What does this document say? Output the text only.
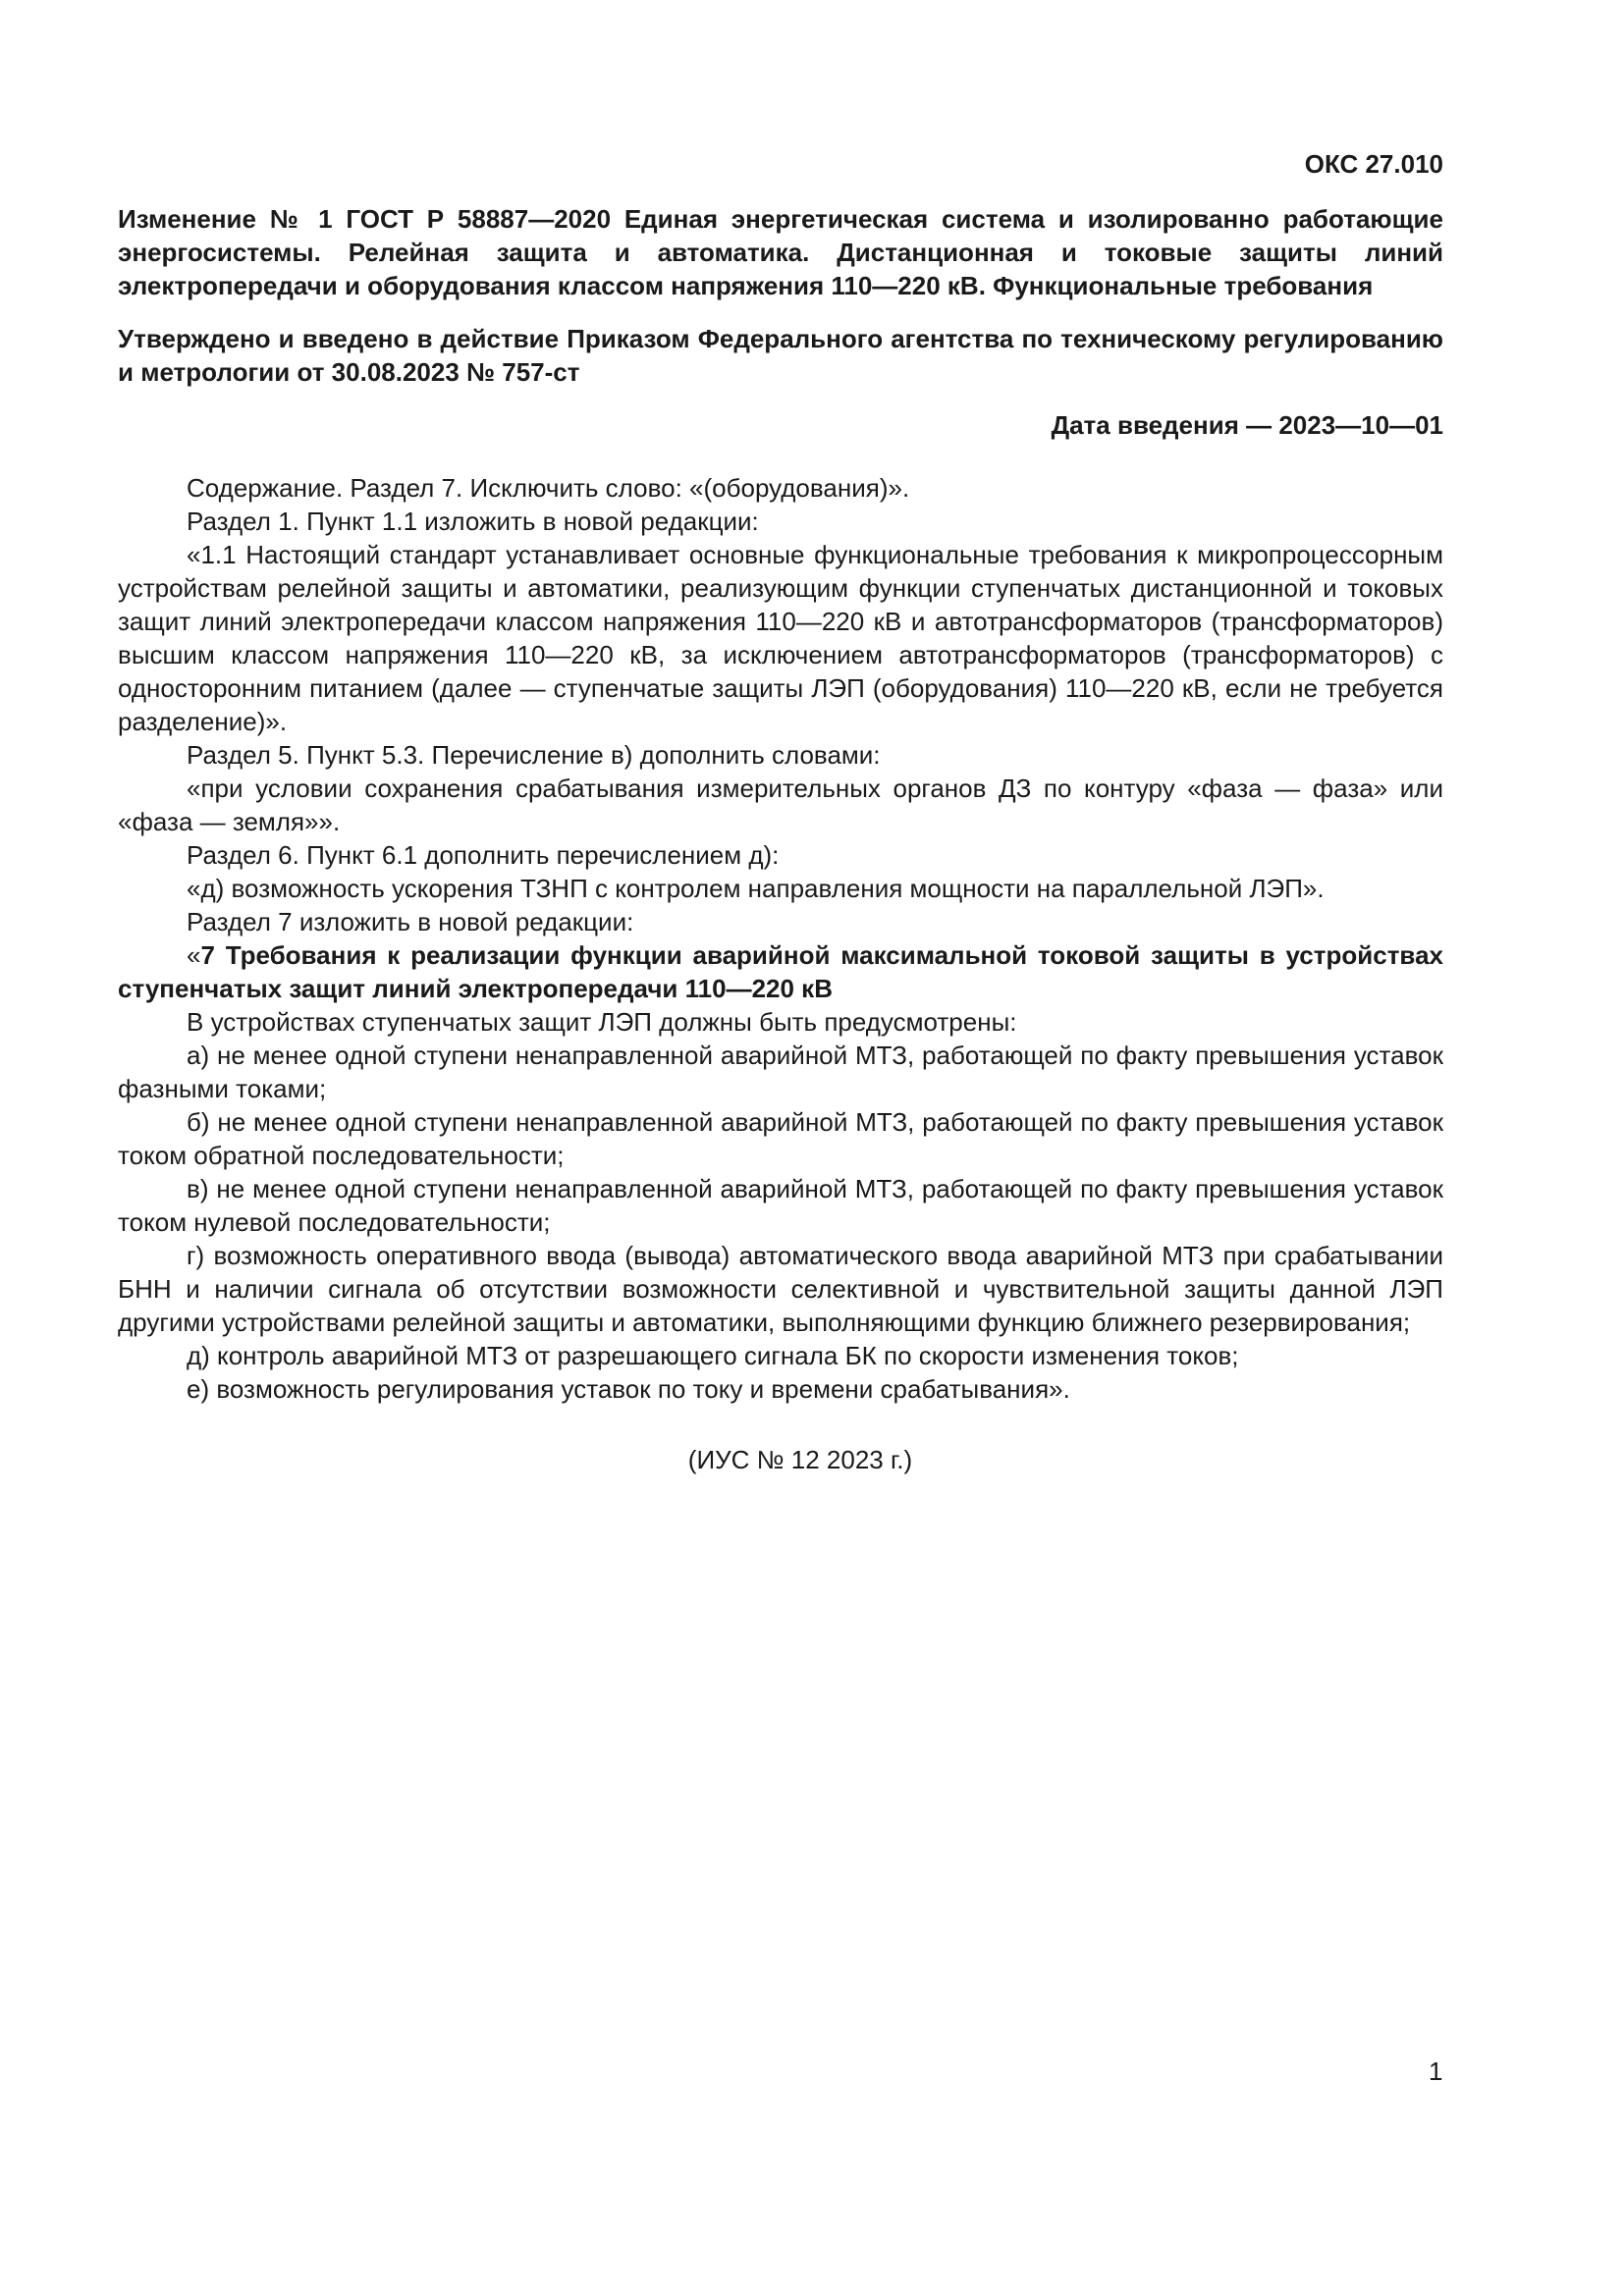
ОКС 27.010
Изменение № 1 ГОСТ Р 58887—2020 Единая энергетическая система и изолированно работающие энергосистемы. Релейная защита и автоматика. Дистанционная и токовые защиты линий электропередачи и оборудования классом напряжения 110—220 кВ. Функциональные требования
Утверждено и введено в действие Приказом Федерального агентства по техническому регулированию и метрологии от 30.08.2023 № 757-ст
Дата введения — 2023—10—01

Содержание. Раздел 7. Исключить слово: «(оборудования)».

Раздел 1. Пункт 1.1 изложить в новой редакции:

«1.1 Настоящий стандарт устанавливает основные функциональные требования к микропроцессорным устройствам релейной защиты и автоматики, реализующим функции ступенчатых дистанционной и токовых защит линий электропередачи классом напряжения 110—220 кВ и автотрансформаторов (трансформаторов) высшим классом напряжения 110—220 кВ, за исключением автотрансформаторов (трансформаторов) с односторонним питанием (далее — ступенчатые защиты ЛЭП (оборудования) 110—220 кВ, если не требуется разделение)».

Раздел 5. Пункт 5.3. Перечисление в) дополнить словами:

«при условии сохранения срабатывания измерительных органов ДЗ по контуру «фаза — фаза» или «фаза — земля»».

Раздел 6. Пункт 6.1 дополнить перечислением д):

«д) возможность ускорения ТЗНП с контролем направления мощности на параллельной ЛЭП».

Раздел 7 изложить в новой редакции:

«7 Требования к реализации функции аварийной максимальной токовой защиты в устройствах ступенчатых защит линий электропередачи 110—220 кВ

В устройствах ступенчатых защит ЛЭП должны быть предусмотрены:

а) не менее одной ступени ненаправленной аварийной МТЗ, работающей по факту превышения уставок фазными токами;

б) не менее одной ступени ненаправленной аварийной МТЗ, работающей по факту превышения уставок током обратной последовательности;

в) не менее одной ступени ненаправленной аварийной МТЗ, работающей по факту превышения уставок током нулевой последовательности;

г) возможность оперативного ввода (вывода) автоматического ввода аварийной МТЗ при срабатывании БНН и наличии сигнала об отсутствии возможности селективной и чувствительной защиты данной ЛЭП другими устройствами релейной защиты и автоматики, выполняющими функцию ближнего резервирования;

д) контроль аварийной МТЗ от разрешающего сигнала БК по скорости изменения токов;

е) возможность регулирования уставок по току и времени срабатывания».

(ИУС № 12 2023 г.)
1
